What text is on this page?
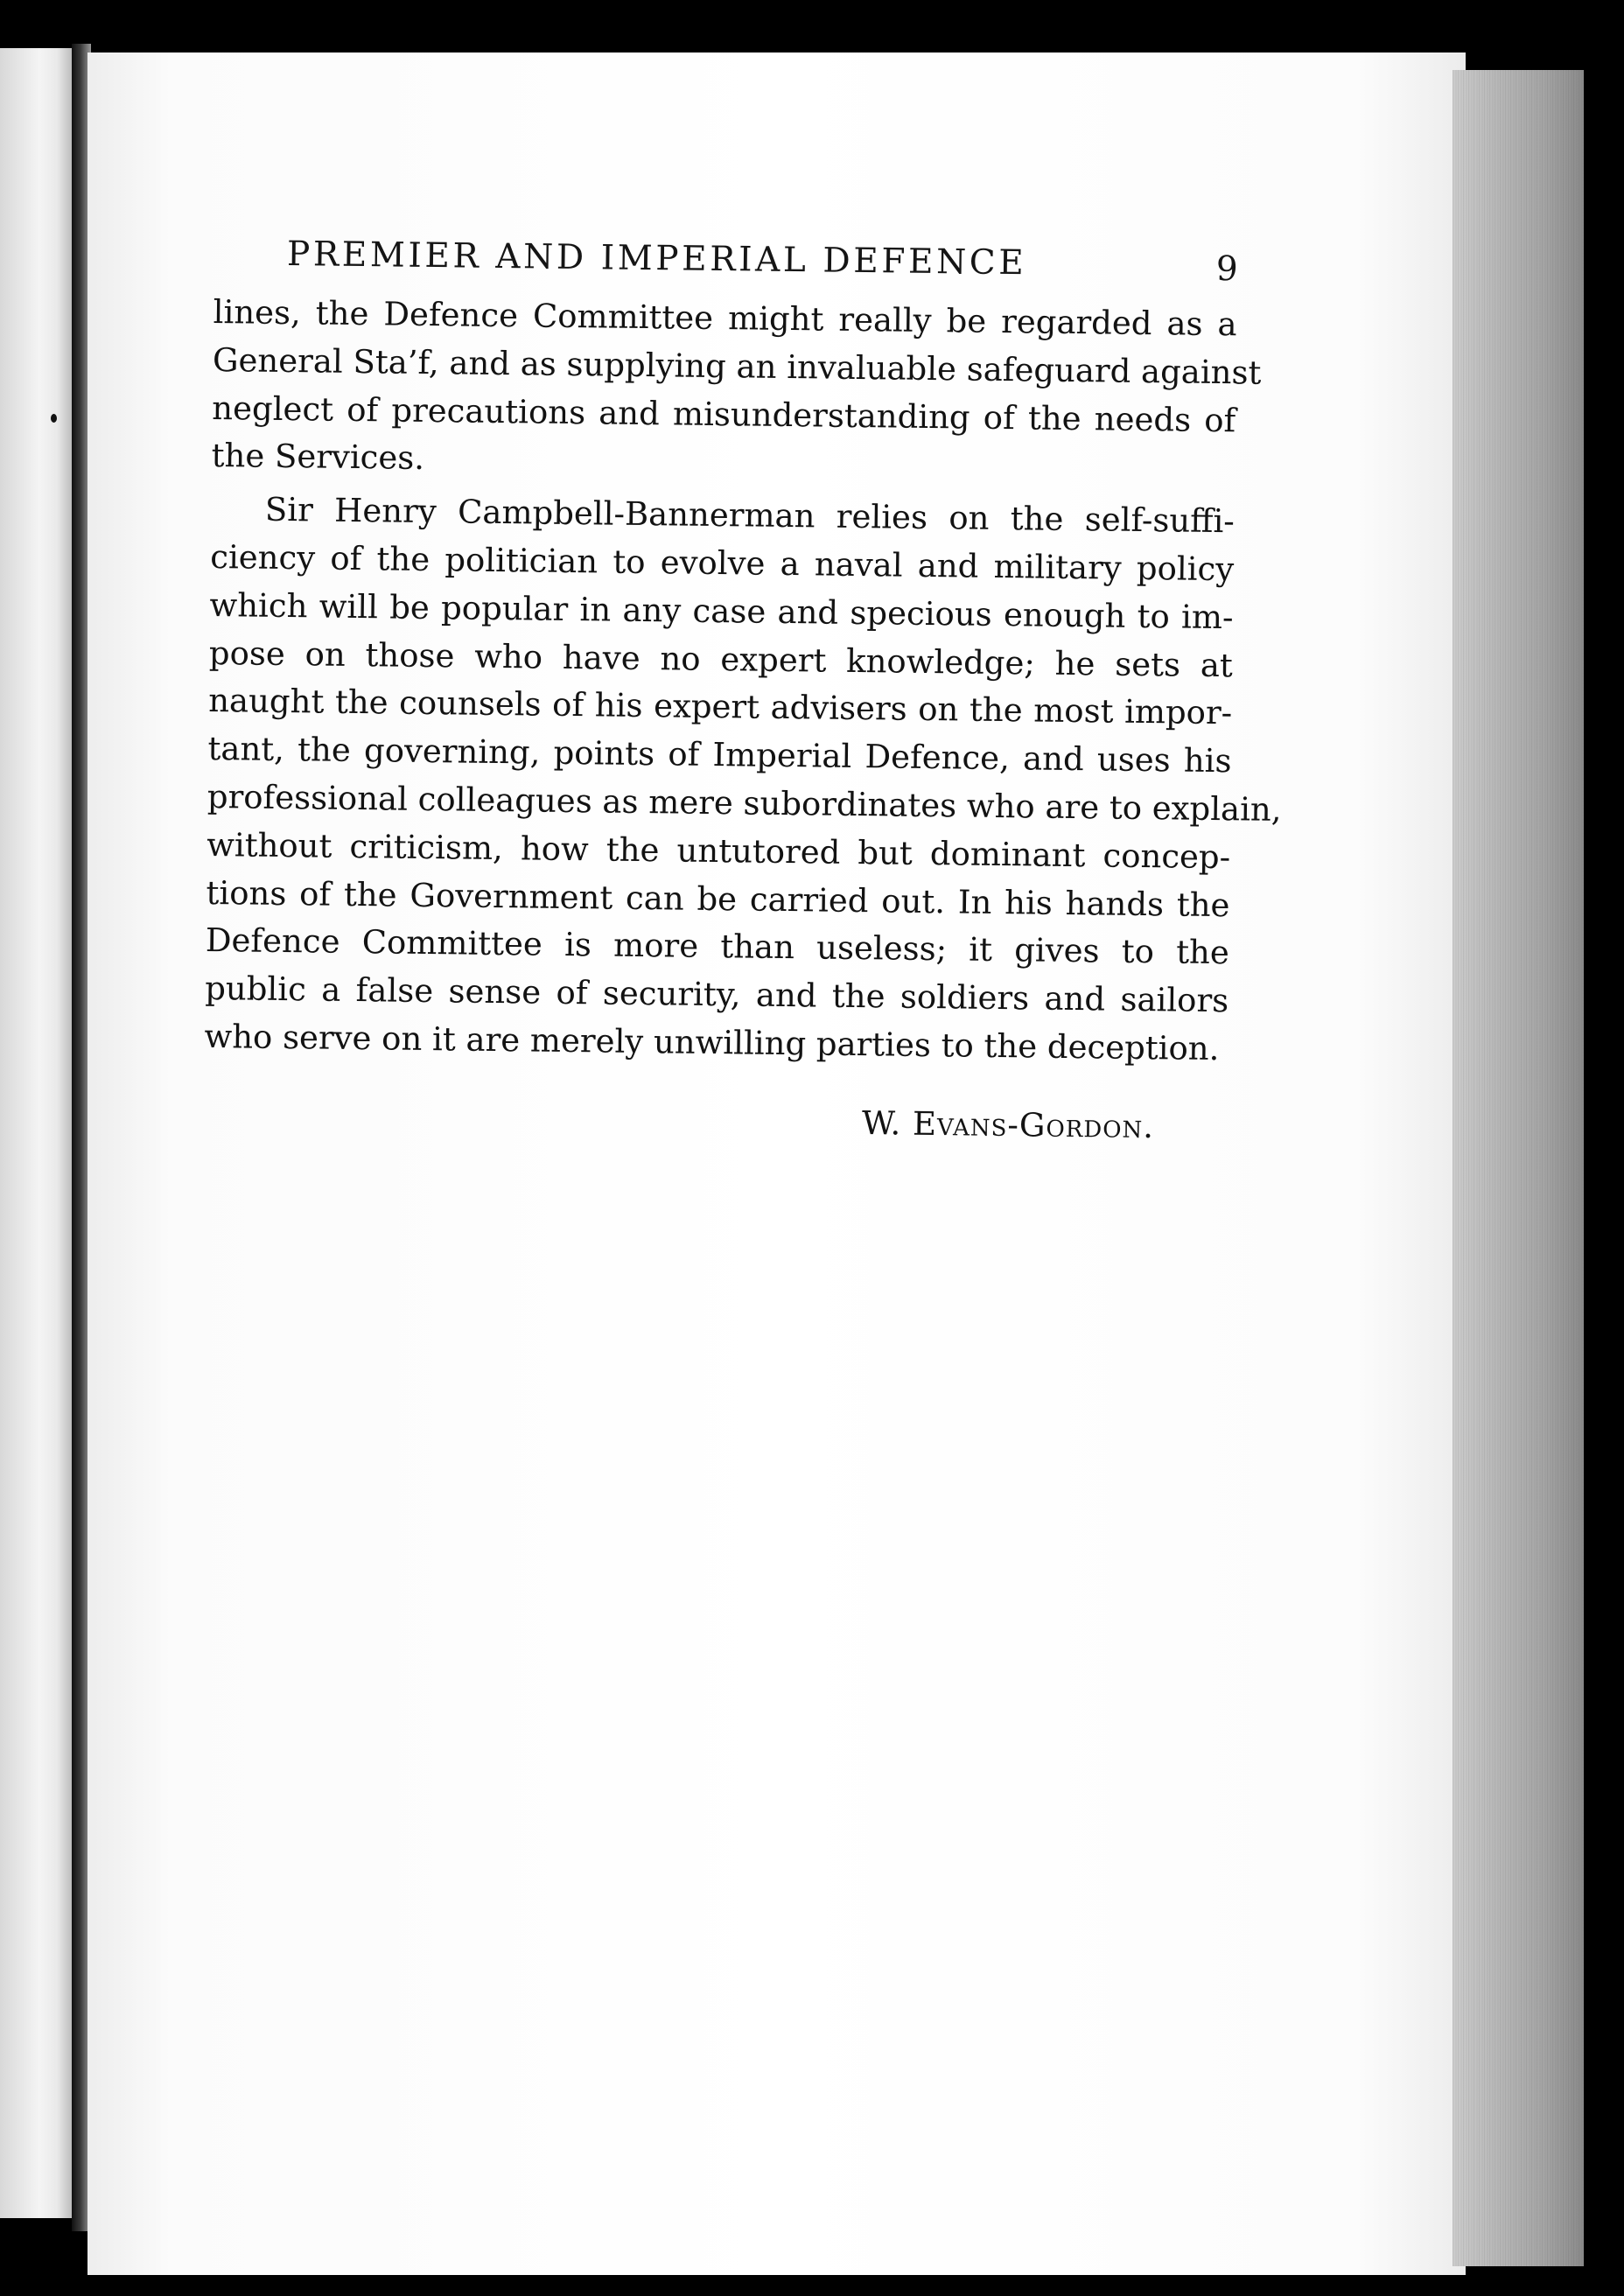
PREMIER AND IMPERIAL DEFENCE	9
lines, the Defence Committee might really be regarded as a
General Sta’f, and as supplying an invaluable safeguard against
neglect of precautions and misunderstanding of the needs of
the Services.
Sir Henry Campbell-Bannerman relies on the self-suffi-
ciency of the politician to evolve a naval and military policy
which will be popular in any case and specious enough to im-
pose on those who have no expert knowledge; he sets at
naught the counsels of his expert advisers on the most impor-
tant, the governing, points of Imperial Defence, and uses his
professional colleagues as mere subordinates who are to explain,
without criticism, how the untutored but dominant concep-
tions of the Government can be carried out. In his hands the
Defence Committee is more than useless; it gives to the
public a false sense of security, and the soldiers and sailors
who serve on it are merely unwilling parties to the deception.
W. Evans-Gordon.
